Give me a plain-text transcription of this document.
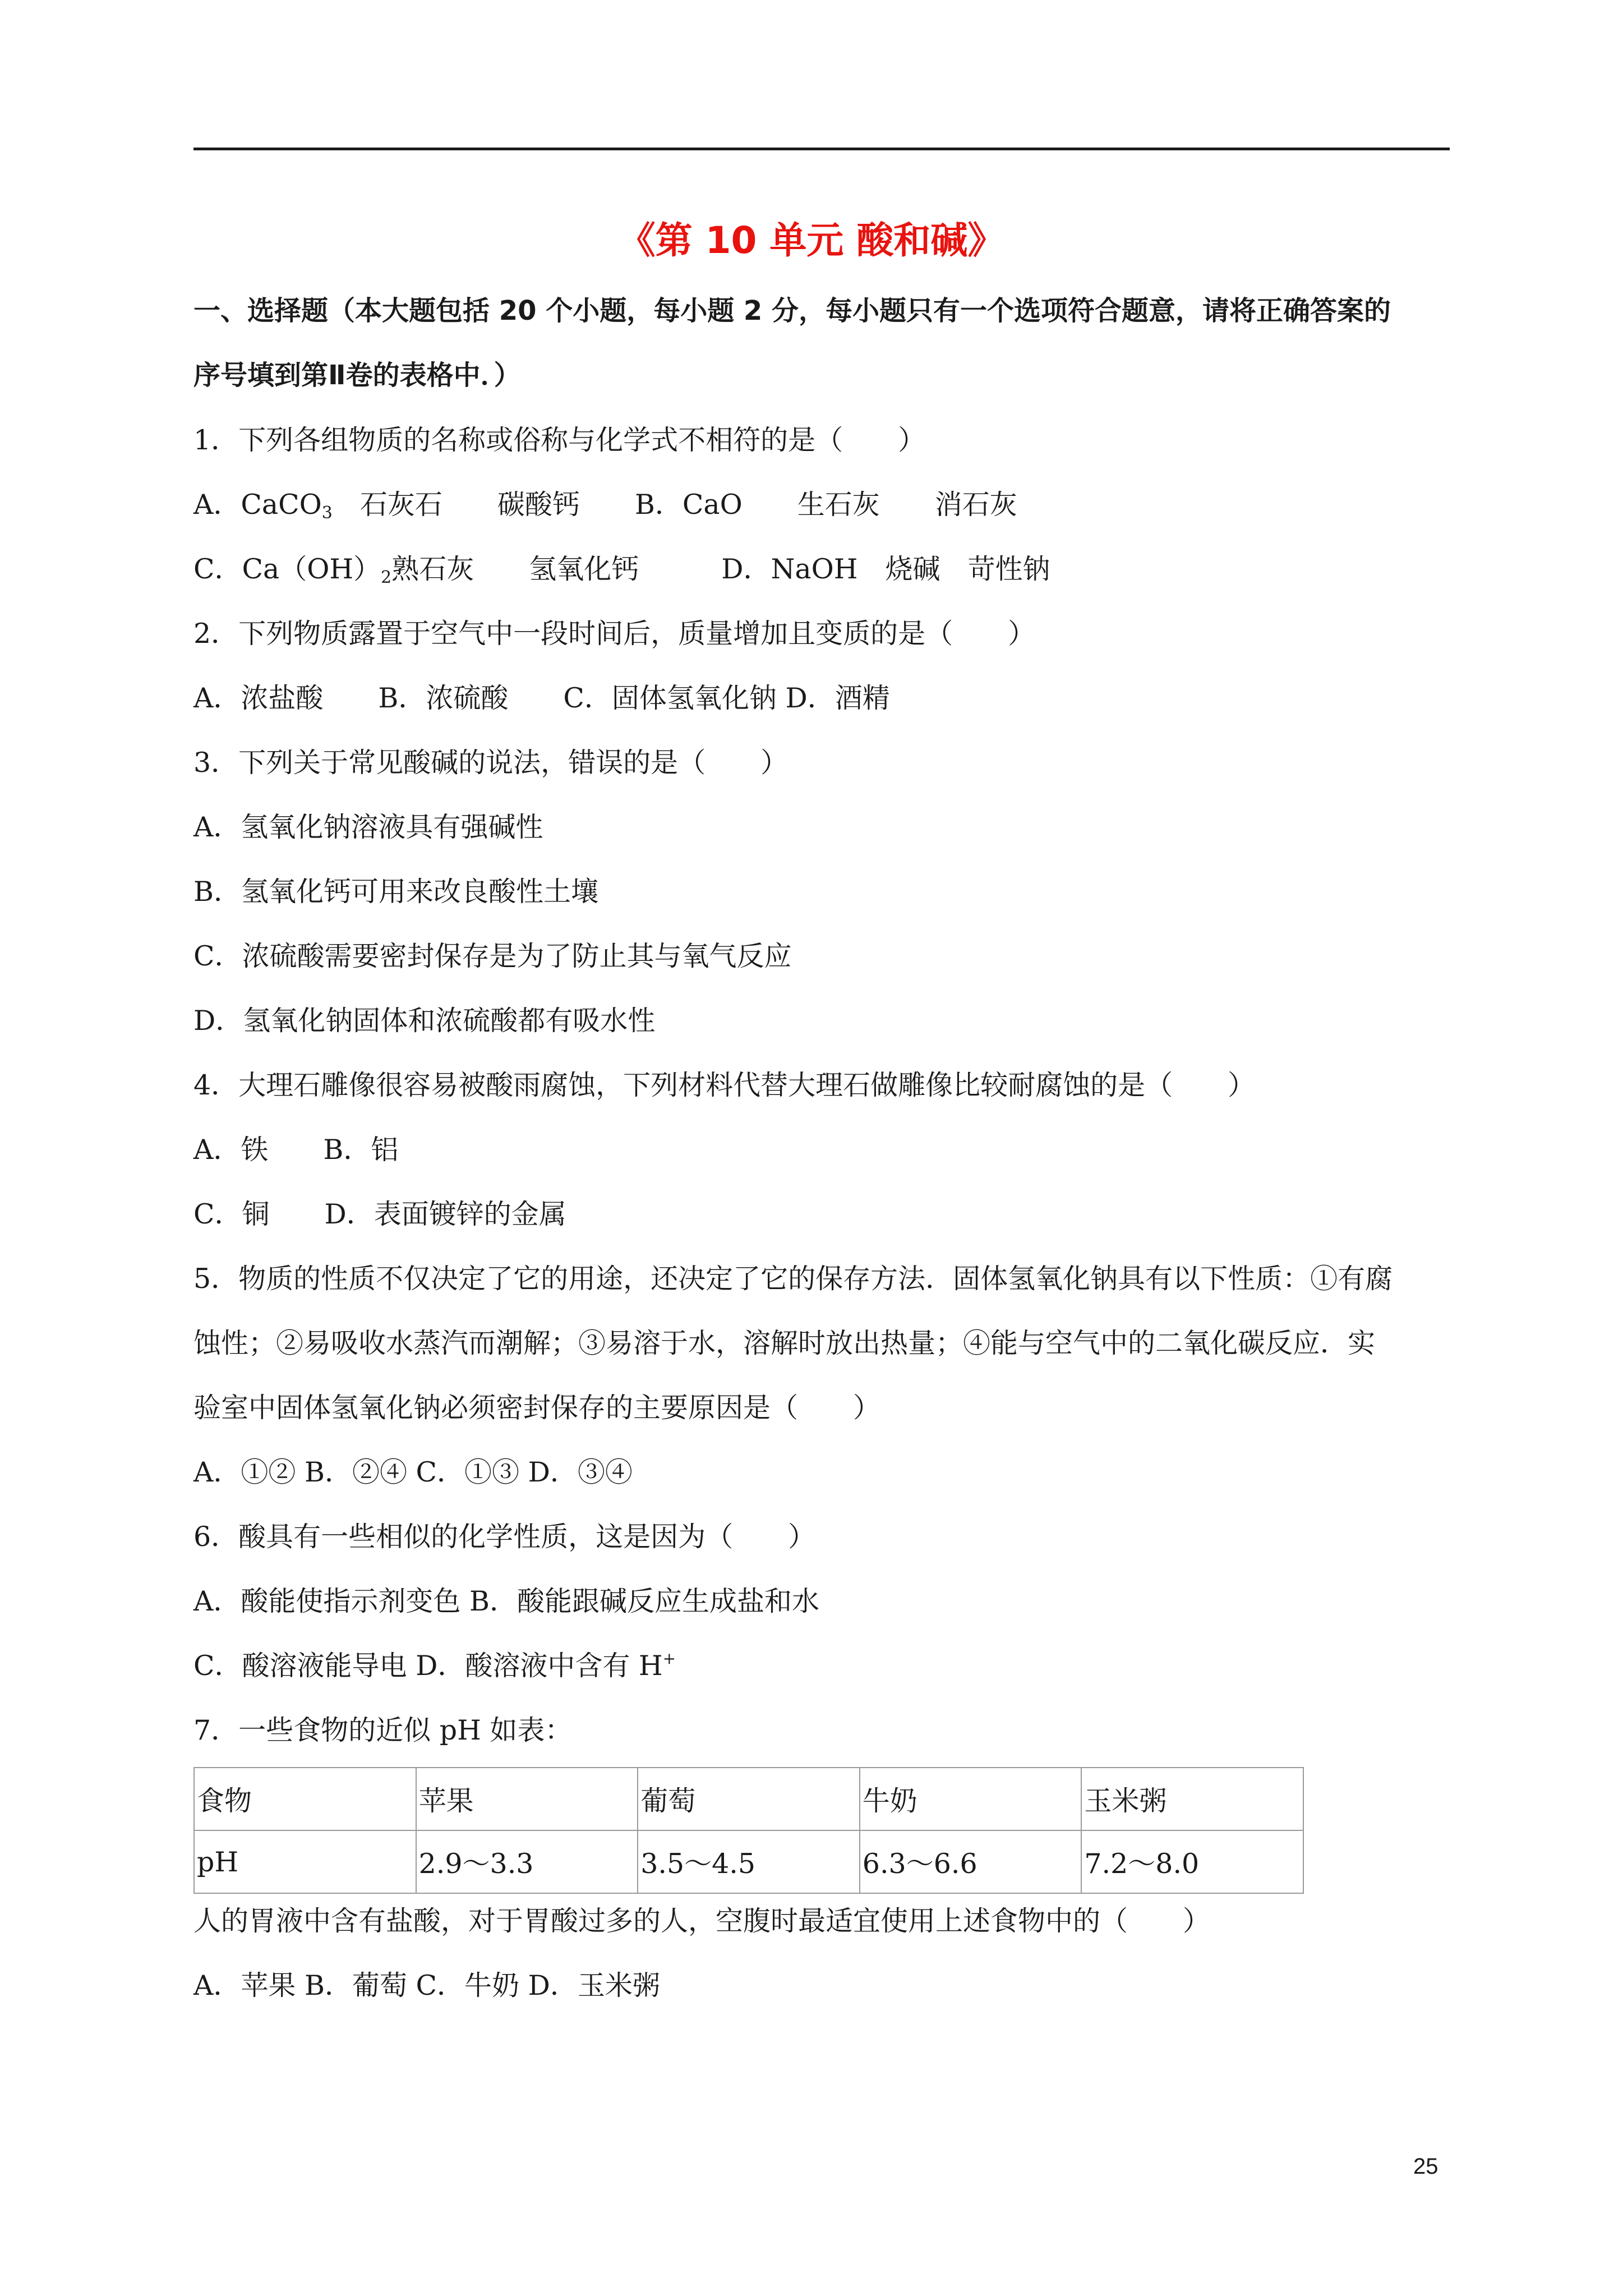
《第 10 单元 酸和碱》
一、选择题（本大题包括 20 个小题，每小题 2 分，每小题只有一个选项符合题意，请将正确答案的
序号填到第Ⅱ卷的表格中．）
1．下列各组物质的名称或俗称与化学式不相符的是（　　）
A．CaCO$_3$　石灰石　　碳酸钙　　B．CaO　　生石灰　　消石灰
C．$Ca(OH)_2$熟石灰　　氢氧化钙　　　D．NaOH　烧碱　苛性钠
2．下列物质露置于空气中一段时间后，质量增加且变质的是（　　）
A．浓盐酸　　B．浓硫酸　　C．固体氢氧化钠 D．酒精
3．下列关于常见酸碱的说法，错误的是（　　）
A．氢氧化钠溶液具有强碱性
B．氢氧化钙可用来改良酸性土壤
C．浓硫酸需要密封保存是为了防止其与氧气反应
D．氢氧化钠固体和浓硫酸都有吸水性
4．大理石雕像很容易被酸雨腐蚀，下列材料代替大理石做雕像比较耐腐蚀的是（　　）
A．铁　　B．铝
C．铜　　D．表面镀锌的金属
5．物质的性质不仅决定了它的用途，还决定了它的保存方法．固体氢氧化钠具有以下性质：①有腐
蚀性；②易吸收水蒸汽而潮解；③易溶于水，溶解时放出热量；④能与空气中的二氧化碳反应．实
验室中固体氢氧化钠必须密封保存的主要原因是（　　）
A．①② B．②④ C．①③ D．③④
6．酸具有一些相似的化学性质，这是因为（　　）
A．酸能使指示剂变色 B．酸能跟碱反应生成盐和水
C．酸溶液能导电 D．酸溶液中含有 H+
7．一些食物的近似 pH 如表：
食物	苹果	葡萄	牛奶	玉米粥
pH	2.9～3.3	3.5～4.5	6.3～6.6	7.2～8.0
人的胃液中含有盐酸，对于胃酸过多的人，空腹时最适宜使用上述食物中的（　　）
A．苹果 B．葡萄 C．牛奶 D．玉米粥
25
